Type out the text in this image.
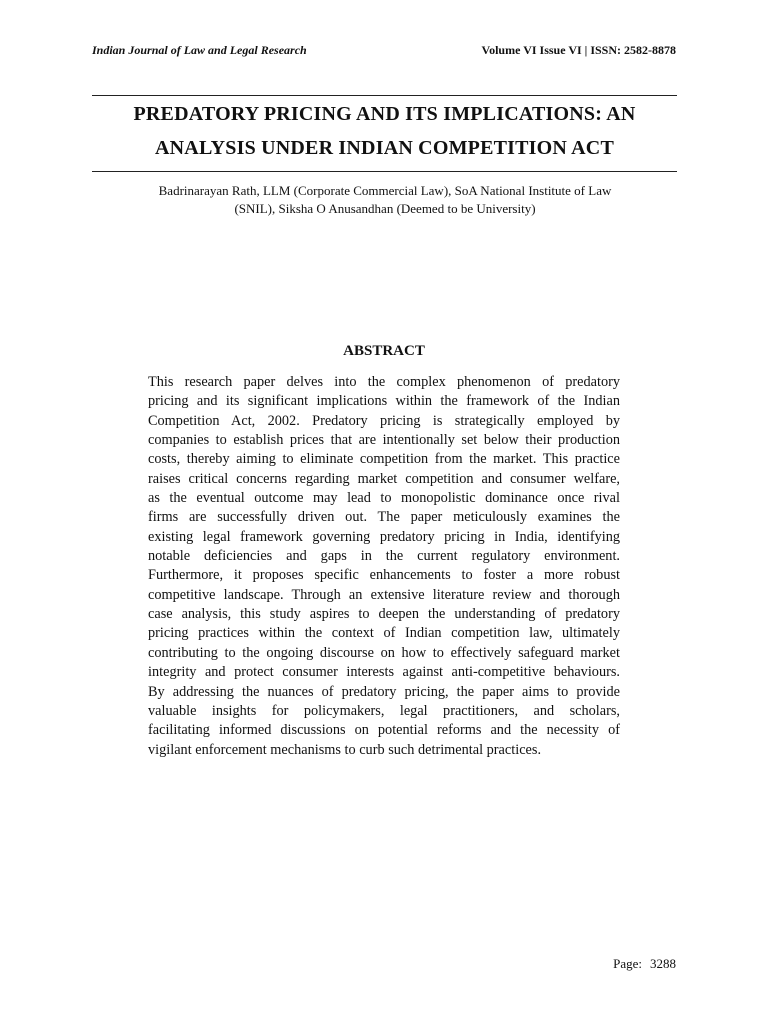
Indian Journal of Law and Legal Research	Volume VI Issue VI | ISSN: 2582-8878
PREDATORY PRICING AND ITS IMPLICATIONS: AN
ANALYSIS UNDER INDIAN COMPETITION ACT
Badrinarayan Rath, LLM (Corporate Commercial Law), SoA National Institute of Law
(SNIL), Siksha O Anusandhan (Deemed to be University)
ABSTRACT
This research paper delves into the complex phenomenon of predatory
pricing and its significant implications within the framework of the Indian
Competition Act, 2002. Predatory pricing is strategically employed by
companies to establish prices that are intentionally set below their production
costs, thereby aiming to eliminate competition from the market. This practice
raises critical concerns regarding market competition and consumer welfare,
as the eventual outcome may lead to monopolistic dominance once rival
firms are successfully driven out. The paper meticulously examines the
existing legal framework governing predatory pricing in India, identifying
notable deficiencies and gaps in the current regulatory environment.
Furthermore, it proposes specific enhancements to foster a more robust
competitive landscape. Through an extensive literature review and thorough
case analysis, this study aspires to deepen the understanding of predatory
pricing practices within the context of Indian competition law, ultimately
contributing to the ongoing discourse on how to effectively safeguard market
integrity and protect consumer interests against anti-competitive behaviours.
By addressing the nuances of predatory pricing, the paper aims to provide
valuable insights for policymakers, legal practitioners, and scholars,
facilitating informed discussions on potential reforms and the necessity of
vigilant enforcement mechanisms to curb such detrimental practices.
Page: 3288
